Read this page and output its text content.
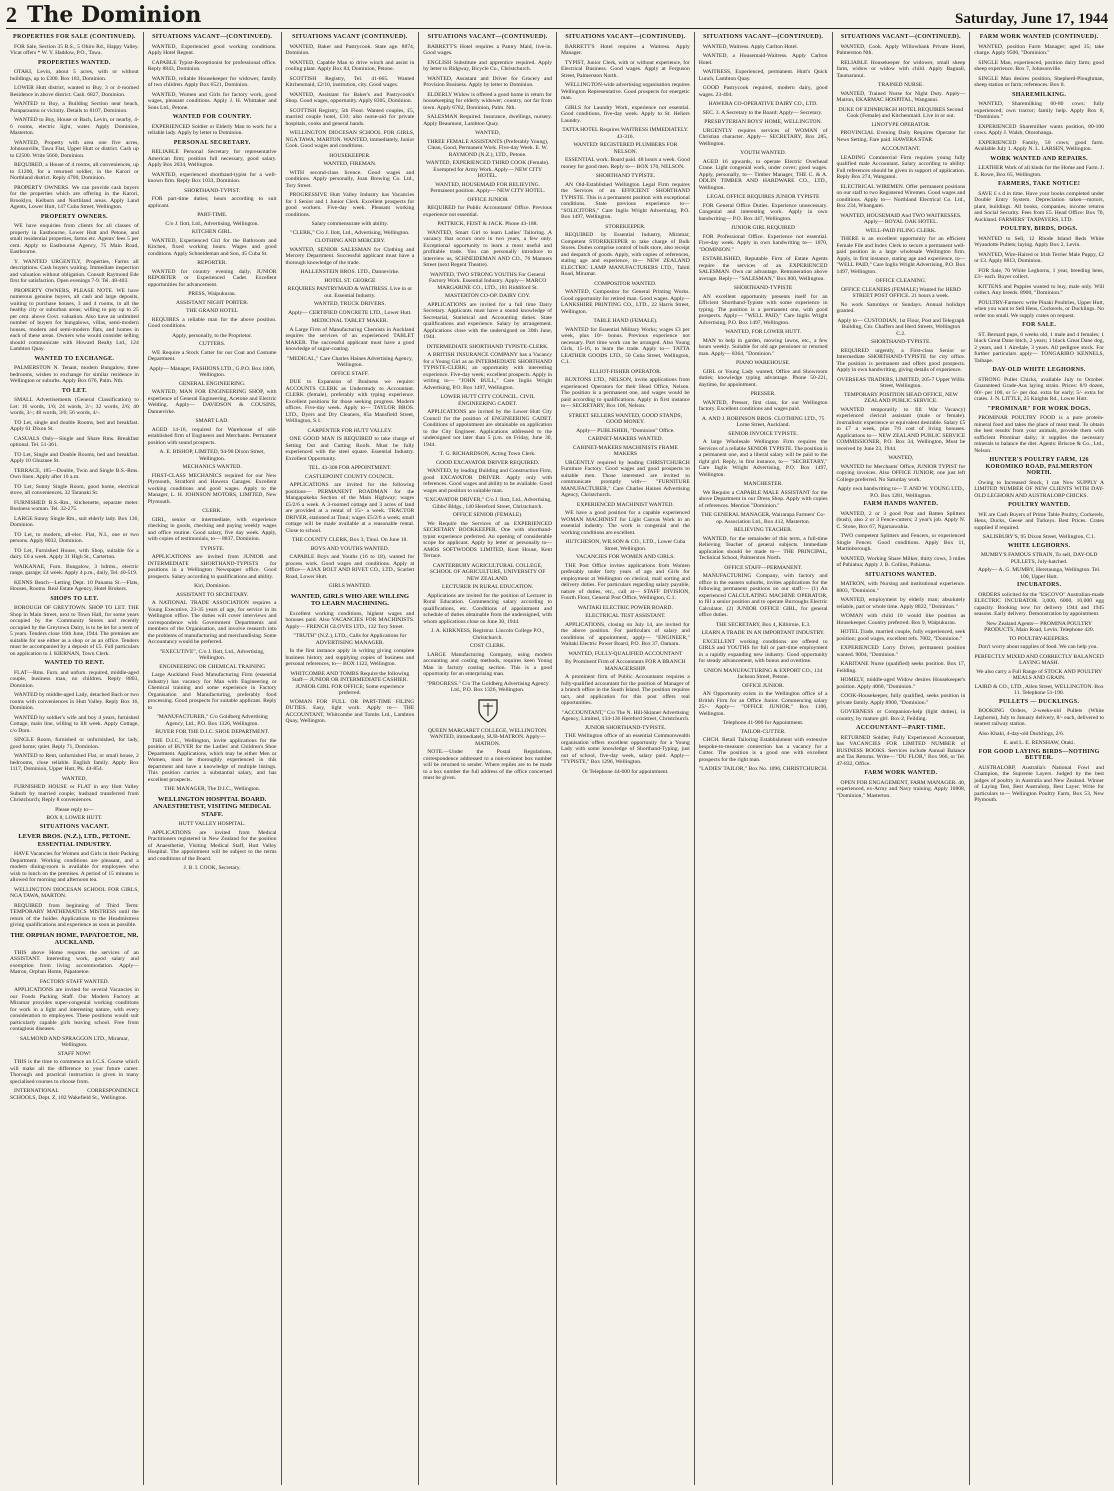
2 The Dominion	Saturday, June 17, 1944
PROPERTIES FOR SALE (CONTINUED).
FOR Sale, Section 35 B.S., 5 Ohiro Rd., Happy Valley. Vicat offers * W. Y. Haddow, P.O., Tawa.
PROPERTIES WANTED.
OTAKI, Levin, about 5 acres, with or without buildings, up to £300. Box 183, Dominion.
LOWER Hutt district, wanted to Buy, 3 or 4-roomed Residence in above district. Cash. 6827, Dominion.
WANTED to Buy, a Building Section near beach, Paraparaumu or vicinity. Details to 8107, Dominion.
WANTED to Buy, House or Bach, Levin, or nearby, 4-6 rooms, electric light, water. Apply Dominion, Masterton.
WANTED, Property with area one five acres, Johnsonville, Tawa Flat, Upper Hutt or district. Cash up to £2500. Write 5660, Dominion.
REQUIRED, a House of 4 rooms, all conveniences, up to £1200, for a returned soldier, in the Karori or Northland district. Reply 4700, Dominion.
PROPERTY OWNERS. We can provide cash buyers for the properties which are offering in the Karori, Brooklyn, Kelburn and Northland areas. Apply Land Agents, Lower Hutt, 147 Cuba Street, Wellington.
PROPERTY OWNERS.
WE have enquiries from clients for all classes of property in Eastbourne, Lower Hutt and Petone, and small residential properties, farms etc. Agents' fees 5 per cent. Apply to Eastbourne Agency, 75 Main Road, Eastbourne.
Y. WANTED URGENTLY, Properties, Farms all descriptions. Cash buyers waiting. Immediate inspection and valuation without obligation. Consult Raymond Ede first for satisfaction. Open evenings 7-9. Tel. 48-403.
PROPERTY OWNERS, PLEASE NOTE. WE have numerous genuine buyers, all cash and large deposits, waiting to purchase houses, 3 and 4 rooms, in all the healthy city or suburban areas; willing to pay up to 25 per cent. above Govt. valuation. Also have an unlimited number of buyers for bungalows, villas, semi-modern houses, modern and semi-modern flats, and homes in each of these areas. Owners who would consider selling should communicate with Howard Realty Ltd., 124 Lambton Quay.
WANTED TO EXCHANGE.
PALMERSTON N. Tenant, modern Bungalow, three bedrooms, wishes to exchange for similar residence in Wellington or suburbs. Apply Box 676, Palm. Nth.
TO LET.
SMALL Advertisements (General Classification) to Let: 16 words, 1/6; 24 words, 2/-; 32 words, 2/6; 40 words, 3/-; 48 words, 3/6; 56 words, 4/-.
TO Let, single and double Rooms, bed and breakfast. Apply 61 Dixon St.
CASUALS Only—Single and Share Rms. Breakfast optional. Tel. 51-361.
TO Let, Single and Double Rooms, bed and breakfast. Apply 10 Ghuznee St.
TERRACE, 185—Double, Twin and Single B.S.-Rms. Own linen. Apply after 10 a.m.
TO Let, Sunny Single Room, good home, electrical stove, all conveniences. 32 Taranaki St.
FURNISHED B.S.-Rm., kitchenette, separate meter. Business woman. Tel. 32-275.
LARGE Sunny Single Rm., suit elderly lady. Box 136, Dominion.
TO Let, to modern, all-elec. Flat, N.I., one or two persons. Apply 8032, Dominion.
TO Let, Furnished House, with Shop, suitable for a dairy. £6 a week. Apply 31 High St., Carterton.
WAIKANAE, Furn. Bungalow, 3 bdrms., electric range, garage; £4 week. Apply 4 p.m., daily, Tel. 40-519.
KENNS Beach—Letting Dept. 10 Panama St.—Flats, Houses, Rooms. Real Estate Agency, Hotel Brokers.
SHOPS TO LET.
BOROUGH OF GREYTOWN. SHOP TO LET. THE Shop in Main Street, next to Town Hall, for some years occupied by the Community Stores and recently occupied by the Greytown Dairy, is to be let for a term of 5 years. Tenders close 16th June, 1944. The premises are suitable for use either as a shop or as an office. Tenders must be accompanied by a deposit of £5. Full particulars on application to J. KIERNAN, Town Clerk.
WANTED TO RENT.
FLAT—Rms. Furn. and unfurn. required, middle-aged couple, business man, no children. Reply 8803, Dominion.
WANTED by middle-aged Lady, detached Bach or two rooms with conveniences in Hutt Valley. Reply Box 16, Dominion.
WANTED by soldier's wife and boy 4 years, furnished Cottage, main line, willing to lift week. Apply Cottage, c/o Dom.
SINGLE Room, furnished or unfurnished, for lady, good home; quiet. Reply 71, Dominion.
WANTED to Rent, unfurnished Flat, or small house, 2 bedrooms, close reliable. English family. Apply Box 1117, Dominion, Upper Hutt, Pk. 44-854.
WANTED,
FURNISHED HOUSE or FLAT in any Hutt Valley Suburb by married couple; husband transferred from Christchurch; Reply 8 conveniences.
Please reply to—
BOX 8, LOWER HUTT.
SITUATIONS VACANT.
LEVER BROS. (N.Z.), LTD., PETONE. ESSENTIAL INDUSTRY.
HAVE Vacancies for Women and Girls in their Packing Department. Working conditions are pleasant, and a modern dining-room is available for employees who wish to lunch on the premises. A period of 15 minutes is allowed for morning and afternoon tea.
WELLINGTON DIOCESAN SCHOOL FOR GIRLS, NGA TAWA, MARTON.
REQUIRED from beginning of Third Term: TEMPORARY MATHEMATICS MISTRESS until the return of the holder. Applications to the Headmistress giving qualifications and experience as soon as possible.
THE ORPHAN HOME, PAPATOETOE, NR. AUCKLAND.
THIS above Home requires the services of an ASSISTANT. Interesting work, good salary and exemption from living accommodation. Apply— Matron, Orphan Home, Papatoetoe.
FACTORY STAFF WANTED.
APPLICATIONS are invited for several Vacancies in our Foods Packing Staff. Our Modern Factory at Miramar provides super-congenial working conditions for work in a light and interesting nature, with every consideration to employees. These positions would suit particularly capable girls leaving school. Free from contagious diseases.
SALMOND AND SPRAGGON LTD., Miramar, Wellington.
STAFF NOW!
THIS is the time to commence an I.C.S. Course which will make all the difference to your future career. Thorough and practical instruction is given in many specialised courses to choose from.
INTERNATIONAL CORRESPONDENCE SCHOOLS, Dept. Z, 182 Wakefield St., Wellington.
SITUATIONS VACANT—(CONTINUED).
WANTED, Experienced good working conditions. Apply Hotel Regent.
CAPABLE Typist-Receptionist for professional office. Reply 8843, Dominion.
WANTED, reliable Housekeeper for widower, family of two children. Apply Box 6521, Dominion.
WANTED, Women and Girls for factory work, good wages, pleasant conditions. Apply J. H. Whittaker and Sons Ltd., Petone.
WANTED FOR COUNTRY.
EXPERIENCED Soldier or Elderly Man to work for a reliable lady. Apply by letter to Dominion.
PERSONAL SECRETARY.
RELIABLE Personal Secretary for representative American firm; position full necessary, good salary. Apply Box 2034, Wellington.
WANTED, experienced shorthand-typist for a well-known firm. Reply Box 1033, Dominion.
SHORTHAND-TYPIST.
FOR part-time duties; hours according to suit applicant.
PART-TIME.
C/o J. Ilott, Ltd., Advertising, Wellington.
KITCHEN GIRL.
WANTED, Experienced Girl for the Bathroom and Kitchen, fixed working hours. Wages and good conditions. Apply Schneideman and Son, 45 Cuba St.
REPORTER.
WANTED for country evening daily, JUNIOR REPORTER or Experienced Cadet. Excellent opportunities for advancement.
PRESS, Waipukurau.
ASSISTANT NIGHT PORTER.
THE GRAND HOTEL
REQUIRES a reliable man for the above position. Good conditions.
Apply, personally, to the Proprietor.
CUTTERS.
WE Require a Stock Cutter for our Coat and Costume Department.
Apply— Manager, FASHIONS LTD., G.P.O. Box 1806, Wellington.
GENERAL ENGINEERING.
WANTED, MAN FOR ENGINEERING SHOP, with experience of General Engineering, Acetone and Electric Welding. Apply— DAVIDSON & COUSINS, Dannevirke.
SMART LAD.
AGED 14-16, required for Warehouse of old-established firm of Engineers and Merchants. Permanent position with sound prospects.
A. E. BISHOP, LIMITED, 94-98 Dixon Street, Wellington.
MECHANICS WANTED.
FIRST-CLASS MECHANICS required for our New Plymouth, Stratford and Hawera Garages. Excellent working conditions and good wages. Apply to the Manager, L. H. JOHNSON MOTORS, LIMITED, New Plymouth.
CLERK.
GIRL, senior or intermediate, with experience checking in goods, checking and paying weekly wages and office routine. Good salary, five day week. Apply, with copies of testimonials, to— 8837, Dominion.
TYPISTE.
APPLICATIONS are invited from JUNIOR and INTERMEDIATE SHORTHAND-TYPISTS for positions in a Wellington Newspaper office. Good prospects. Salary according to qualifications and ability.
Kiri, Dominion.
ASSISTANT TO SECRETARY.
A NATIONAL TRADE ASSOCIATION requires a Young Executive, 23-35 years of age, for service in its Wellington office. The duties will cover interviews and correspondence with Government Departments and members of the Organisation, and involve research into the problems of manufacturing and merchandising. Some Accountancy would be preferred.
"EXECUTIVE", C/o J. Ilott, Ltd., Advertising, Wellington.
ENGINEERING OR CHEMICAL TRAINING
Large Auckland Food Manufacturing Firm (essential industry) has vacancy for Man with Engineering or Chemical training and some experience in Factory Organisation and Manufacturing, preferably food processing. Good prospects for suitable applicant. Reply to
"MANUFACTURER," C/o Goldberg Advertising Agency, Ltd., P.O. Box 1326, Wellington.
BUYER FOR THE D.I.C. SHOE DEPARTMENT.
THE D.I.C., Wellington, invite applications for the position of BUYER for the Ladies' and Children's Shoe Department. Applications, which may be either Men or Women, must be thoroughly experienced in this department and have a knowledge of multiple listings. This position carries a substantial salary, and has excellent prospects.
THE MANAGER, The D.I.C., Wellington.
WELLINGTON HOSPITAL BOARD. ANAESTHETIST, VISITING MEDICAL STAFF.
HUTT VALLEY HOSPITAL.
APPLICATIONS are invited from Medical Practitioners registered in New Zealand for the position of Anaesthetist, Visiting Medical Staff, Hutt Valley Hospital. The appointment will be subject to the terms and conditions of the Board.
J. B. I. COOK, Secretary.
SITUATIONS VACANT (CONTINUED).
WANTED, Baker and Pastrycook. State age. 8874, Dominion.
WANTED, Capable Man to drive winch and assist in cooling plant. Apply Box 84, Dominion, Petone.
SCOTTISH Registry, Tel. 41-665. Wanted Kitchenmaid, £2/10, institution, city. Good wages.
WANTED, Assistant for Baker's and Pastrycook's Shop. Good wages, opportunity. Apply 8305, Dominion.
SCOTTISH Registry, 5th Floor. Wanted couples, £5, married couple hotel, £10; also nurse-aid for private hospitals, cooks and general hands.
WELLINGTON DIOCESAN SCHOOL FOR GIRLS, NGA TAWA, MARTON. WANTED, immediately, Junior Cook. Good wages and conditions.
HOUSEKEEPER.
WANTED, FIREMAN.
WITH second-class licence. Good wages and conditions. Apply personally, Joan Brewing Co. Ltd., Tory Street.
PROGRESSIVE Hutt Valley Industry has Vacancies for 1 Senior and 1 Junior Clerk. Excellent prospects for good workers. Five-day week. Pleasant working conditions.
Salary commensurate with ability.
"CLERK," C/o J. Ilott, Ltd., Advertising, Wellington.
CLOTHING AND MERCERY.
WANTED, SENIOR SALESMAN for Clothing and Mercery Department. Successful applicant must have a thorough knowledge of the trade.
HALLENSTEIN BROS. LTD., Dannevirke.
HOTEL ST. GEORGE
REQUIRES PANTRYMAID & WAITRESS. Live in or out. Essential Industry.
WANTED, TRUCK DRIVERS.
Apply— CERTIFIED CONCRETE LTD., Lower Hutt.
MEDICINAL TABLET MAKER.
A Large Firm of Manufacturing Chemists in Auckland requires the services of an experienced TABLET MAKER. The successful applicant must have a good knowledge of sugar-coating.
"MEDICAL," Care Charles Haines Advertising Agency, Wellington.
OFFICE STAFF.
DUE to Expansion of Business we require: ACCOUNTS CLERK as Understudy to Accountant. CLERK (female), preferably with typing experience. Excellent positions for those seeking progress. Modern offices. Five-day week. Apply to— TAYLOR BROS. LTD., Dyers and Dry Cleaners, 85a Mansfield Street, Wellington, S.1.
CARPENTER FOR HUTT VALLEY.
ONE GOOD MAN IS REQUIRED to take charge of Setting Out and Cutting Roofs. Must be fully experienced with the steel square. Essential Industry. Excellent Opportunity.
TEL. 43-308 FOR APPOINTMENT.
CASTLEPOINT COUNTY COUNCIL.
APPLICATIONS are invited for the following positions— PERMANENT ROADMAN for the Mangapakeha Section of the Main Highway; wages £5/2/6 a week. A 3-roomed cottage and 3 acres of land are provided at a rental of 15/- a week. TRACTOR DRIVER, stationed at Tinui; wages £5/2/6 a week; small cottage will be made available at a reasonable rental. Close to school.
THE COUNTY CLERK, Box 3, Tinui. On June 18.
BOYS AND YOUTHS WANTED.
CAPABLE Boys and Youths (16 to 18), wanted for process work. Good wages and conditions. Apply at Office— AJAX BOLT AND RIVET CO., LTD., Scarlett Road, Lower Hutt.
GIRLS WANTED.
WANTED, GIRLS WHO ARE WILLING TO LEARN MACHINING.
Excellent working conditions, highest wages and bonuses paid. Also VACANCIES FOR MACHINISTS. Apply— FRENCH GLOVES LTD., 132 Tory Street.
"TRUTH" (N.Z.), LTD., Calls for Applications for ADVERTISING MANAGER.
In the first instance apply in writing giving complete business history and supplying copies of business and personal references, to— BOX 1122, Wellington.
WHITCOMBE AND TOMBS Require the following Staff— JUNIOR OR INTERMEDIATE CASHIER. JUNIOR GIRL FOR OFFICE; Some experience preferred.
WOMAN FOR FULL OR PART-TIME FILING DUTIES. Easy, light work. Apply to— THE ACCOUNTANT, Whitcombe and Tombs Ltd., Lambton Quay, Wellington.
SITUATIONS VACANT—(CONTINUED).
BARRETT'S Hotel requires a Pantry Maid, live-in. Good wages.
ENGLISH Substitute and apprentice required. Apply by letter to Ridgway, Bicycle Co., Christchurch.
WANTED, Assistant and Driver for Grocery and Provision Business. Apply by letter to Dominion.
ELDERLY Widow is offered a good home in return for housekeeping for elderly widower; country, not far from town. Apply 6782, Dominion, Palm. Nth.
SALESMAN Required. Insurance, dwellings, nursery. Apply Beaumont, Lambton Quay.
WANTED,
THREE FEMALE ASSISTANTS (Preferably Young), Clean, Good, Permanent Work. Five-day Week. E. W. RAYMOND (N.Z.), LTD., Petone.
WANTED, EXPERIENCED THIRD COOK (Female). Exempted for Army Work. Apply— NEW CITY HOTEL.
WANTED, HOUSEMAID FOR RELIEVING. Permanent position. Apply— NEW CITY HOTEL.
OFFICE JUNIOR
REQUIRED for Public Accountants' Office. Previous experience not essential.
PATTRICK, FEIST & JACK. Phone 43-188.
WANTED, Smart Girl to learn Ladies' Tailoring. A vacancy that occurs once in two years, a few only. Exceptional opportunity to learn a most useful and profitable trade. You can personally introduce to interview us, SCHNEIDEMAN AND CO., 76 Manners Street (next Regent Theatre).
WANTED, TWO STRONG YOUTHS For General Factory Work. Essential Industry. Apply— MARCO MARGARINE CO., LTD., 181 Riddiford St.
MASTERTON CO-OP. DAIRY COY.
APPLICATIONS are invited for a full time Dairy Secretary. Applicants must have a sound knowledge of Secretarial, Statistical and Accounting duties. State qualifications and experience. Salary by arrangement. Applications close with the undersigned on 30th June, 1944.
INTERMEDIATE SHORTHAND TYPISTE-CLERK.
A BRITISH INSURANCE COMPANY has a Vacancy for a Young Girl as an INTERMEDIATE SHORTHAND TYPISTE-CLERK; an opportunity with interesting experience. Five-day week; excellent prospects. Apply in writing to— "JOHN BULL," Care Inglis Wright Advertising, P.O. Box 1497, Wellington.
LOWER HUTT CITY COUNCIL. CIVIL ENGINEERING CADET.
APPLICATIONS are invited by the Lower Hutt City Council for the position of ENGINEERING CADET. Conditions of appointment are obtainable on application to the City Engineer. Applications addressed to the undersigned not later than 5 p.m. on Friday, June 30, 1944.
T. G. RICHARDSON, Acting Town Clerk.
GOOD EXCAVATOR DRIVER REQUIRED.
WANTED, by leading Building and Construction Firm, good EXCAVATOR DRIVER. Apply only with references. Good wages and ability to be available. Good wages and position to suitable man.
"EXCAVATOR DRIVER," C/o J. Ilott, Ltd., Advertising, Gibbs' Bldgs., 140 Hereford Street, Christchurch.
OFFICE SENIOR (FEMALE).
We Require the Services of an EXPERIENCED SECRETARY BOOKKEEPER. One with shorthand-typist experience preferred. An opening of considerable scope for applicant. Apply by letter or personally to— AMOS SOFTWOODS LIMITED, Kent House, Kent Terrace.
CANTERBURY AGRICULTURAL COLLEGE, SCHOOL OF AGRICULTURE, UNIVERSITY OF NEW ZEALAND.
LECTURER IN RURAL EDUCATION.
Applications are invited for the position of Lecturer in Rural Education. Commencing salary according to qualifications, etc. Conditions of appointment and schedule of duties obtainable from the undersigned, with whom applications close on June 30, 1944.
J. A. KIRKNESS, Registrar. Lincoln College P.O., Christchurch.
COST CLERK.
LARGE Manufacturing Company, using modern accounting and costing methods, requires keen Young Man in factory costing section. This is a good opportunity for an enterprising man.
"PROGRESS." C/o The Goldberg Advertising Agency Ltd., P.O. Box 1326, Wellington.
QUEEN MARGARET COLLEGE, WELLINGTON. WANTED, immediately, SUB-MATRON. Apply— MATRON.
NOTE.—Under the Postal Regulations, correspondence addressed to a non-existent box number will be returned to sender. Where replies are to be made to a box number the full address of the office concerned must be given.
SITUATIONS VACANT—(CONTINUED).
BARRETT'S Hotel requires a Waitress. Apply Manager.
TYPIST, Junior Clerk, with or without experience, for Electrical Business. Good wages. Apply at Ferguson Street, Palmerston North.
WELLINGTON-wide advertising organisation requires Wellington Representative. Good prospects for energetic man.
GIRLS for Laundry Work, experience not essential. Good conditions, five-day week. Apply to St. Heliers Laundry.
TATTA HOTEL Requires WAITRESS IMMEDIATELY. 43-316.
WANTED: REGISTERED PLUMBERS FOR NELSON.
ESSENTIAL work. Board paid. 48 hours a week. Good money for good men. Reply to— BOX 170, NELSON.
SHORTHAND TYPISTE.
AN Old-Established Wellington Legal Firm requires the Services of an EFFICIENT SHORTHAND TYPISTE. This is a permanent position with exceptional conditions. State previous experience to— "SOLICITORS," Care Inglis Wright Advertising, P.O. Box 1497, Wellington.
STOREKEEPER.
REQUIRED by Essential Industry, Miramar, Competent STOREKEEPER to take charge of Bulk Stores. Duties comprise control of bulk store, also receipt and despatch of goods. Apply, with copies of references, stating age and experience, to— NEW ZEALAND ELECTRIC LAMP MANUFACTURERS LTD., Tahiti Road, Miramar.
COMPOSITOR WANTED.
WANTED, Compositor for General Printing Works. Good opportunity for retired man. Good wages. Apply— LANKSHIRE PRINTING CO., LTD., 22 Harris Street, Wellington.
TABLE HAND (FEMALE).
WANTED for Essential Military Works; wages £3 per week, plus 10/- bonus. Previous experience not necessary. Part time work can be arranged. Also Young Girls, 15-16, to learn the trade. Apply to— TATTA LEATHER GOODS LTD., 50 Cuba Street, Wellington, C.1.
ELLIOT-FISHER OPERATOR.
BUXTONS LTD., NELSON, invite applications from experienced Operators for their Head Office, Nelson. The position is a permanent one, and wages would be paid according to qualifications. Apply in first instance to— SECRETARY, Box 106, Nelson.
STREET SELLERS WANTED, GOOD STANDS, GOOD MONEY.
Apply— PUBLISHER, "Dominion" Office.
CABINET-MAKERS WANTED.
CABINET-MAKERS MACHINISTS FRAME MAKERS
URGENTLY required by leading CHRISTCHURCH Furniture Factory. Good wages and good prospects to suitable men. Those interested are invited to communicate promptly with— "FURNITURE MANUFACTURER," Care Charles Haines Advertising Agency, Christchurch.
EXPERIENCED MACHINIST WANTED.
WE have a good position for a capable experienced WOMAN MACHINIST for Light Canvas Work in an essential industry. The work is congenial and the working conditions are excellent.
HUTCHESON, WILSON & CO., LTD., Lower Cuba Street, Wellington.
VACANCIES FOR WOMEN AND GIRLS.
THE Post Office invites applications from Women preferably under forty years of age and Girls for employment at Wellington on clerical, mail sorting and delivery duties. For particulars regarding salary payable, nature of duties, etc., call at— STAFF DIVISION, Fourth Floor, General Post Office, Wellington, C.1.
WAITAKI ELECTRIC POWER BOARD.
ELECTRICAL TEST ASSISTANT.
APPLICATIONS, closing on July 14, are invited for the above position. For particulars of salary and conditions of appointment, apply— "ENGINEER," Waitaki Electric Power Board, P.O. Box 37, Oamaru.
WANTED, FULLY-QUALIFIED ACCOUNTANT
By Prominent Firm of Accountants FOR A BRANCH MANAGERSHIP.
A prominent firm of Public Accountants requires a fully-qualified accountant for the position of Manager of a branch office in the South Island. The position requires tact, and application for this post offers real opportunities.
"ACCOUNTANT," C/o The N. Hill-Skinner Advertising Agency, Limited, 134-136 Hereford Street, Christchurch.
JUNIOR SHORTHAND-TYPISTE.
THE Wellington office of an essential Commonwealth organisation offers excellent opportunity for a Young Lady with some knowledge of Shorthand-Typing, just out of school, five-day week, salary paid. Apply— "TYPISTE," Box 1296, Wellington.
Or Telephone 44-600 for appointment.
SITUATIONS VACANT—(CONTINUED).
WANTED, Waitress. Apply Carlton Hotel.
WANTED, a Housemaid-Waitress. Apply Carlton Hotel.
WAITRESS, Experienced, permanent. Hutt's Quick Lunch, Lambton Quay.
GOOD Pastrycook required, modern dairy, good wages. 23-404.
HAWERA CO-OPERATIVE DAIRY CO., LTD.
SEC. 3. A Secretary to the Board: Apply— Secretary.
PRESBYTERIAN BOYS' HOME, WELLINGTON.
URGENTLY requires services of WOMAN of Christian character. Apply— SECRETARY, Box 285, Wellington.
YOUTH WANTED.
AGED 16 upwards, to operate Electric Overhead Crane. Light congenial work, under cover; good wages. Apply, personally, to— Timber Manager, THE C. & A. ODLIN TIMBER AND HARDWARE CO., LTD., Wellington.
LEGAL OFFICE REQUIRES JUNIOR TYPISTE
FOR General Office Duties. Experience unnecessary. Congenial and interesting work. Apply in own handwriting— P.O. Box 447, Wellington.
JUNIOR GIRL REQUIRED
FOR Professional Office. Experience not essential. Five-day week. Apply in own handwriting to— 1870, "DOMINION."
ESTABLISHED, Reputable Firm of Estate Agents require the services of an EXPERIENCED SALESMAN. Own car advantage. Remuneration above average. Reply— "SALESMAN," Box 800, Wellington.
SHORTHAND-TYPISTE
AN excellent opportunity presents itself for an Efficient Shorthand-Typiste with some experience in typing. The position is a permanent one, with good prospects. Apply— "WELL PAID," Care Inglis Wright Advertising, P.O. Box 1497, Wellington.
WANTED, FOR LOWER HUTT.
MAN to help in garden, mowing lawns, etc., a few hours weekly. Suitable for old age pensioner or returned man. Apply— 8364, "Dominion."
PIANO WAREHOUSE.
GIRL or Young Lady wanted, Office and Showroom duties; knowledge typing advantage. Phone 50-221, daytime, for appointment.
PRESSER.
WANTED, Presser, first class, for our Wellington factory. Excellent conditions and wages paid.
A. AND J. ROBINSON BROS. CLOTHING LTD., 75 Lorne Street, Auckland.
SENIOR INVOICE TYPISTE.
A large Wholesale Wellington Firm requires the Services of a reliable SENIOR TYPISTE. The position is a permanent one, and a liberal salary will be paid to the right girl. Reply, in first instance, to— "SECRETARY," Care Inglis Wright Advertising, P.O. Box 1497, Wellington.
MANCHESTER.
We Require a CAPABLE MALE ASSISTANT for the above Department in our Dress Shop. Apply with copies of references. Mention "Dominion."
THE GENERAL MANAGER, Wairarapa Farmers' Co-op. Association Ltd., Box 412, Masterton.
RELIEVING TEACHER.
WANTED, for the remainder of this term, a full-time Relieving Teacher of general subjects. Immediate application should be made to— THE PRINCIPAL, Technical School, Palmerston North.
OFFICE STAFF—PERMANENT.
MANUFACTURING Company, with factory and office in the eastern suburbs, invites applications for the following permanent positions on our staff:— (1) An experienced CALCULATING MACHINE OPERATOR, to fill a senior position and to operate Burroughs Electric Calculator. (2) JUNIOR OFFICE GIRL, for general office duties.
THE SECRETARY, Box 4, Kilbirnie, E.3.
LEARN A TRADE IN AN IMPORTANT INDUSTRY.
EXCELLENT working conditions are offered to GIRLS and YOUTHS for full or part-time employment in a rapidly expanding new industry. Good opportunity for steady advancement, with bonus and overtime.
UNION MANUFACTURING & EXPORT CO., 134 Jackson Street, Petone.
OFFICE JUNIOR.
AN Opportunity exists in the Wellington office of a British Firm for an Office Junior. Commencing salary 25/-. Apply— "OFFICE JUNIOR," Box 1106, Wellington.
Telephone 41-900 for Appointment.
TAILOR-CUTTER.
CHCH. Retail Tailoring Establishment with extensive bespoke-to-measure connection has a vacancy for a Cutter. The position is a good one with excellent prospects for the right man.
"LADIES' TAILOR," Box No. 1096, CHRISTCHURCH.
SITUATIONS VACANT—(CONTINUED).
WANTED, Cook. Apply Willowbank Private Hotel, Palmerston Nth.
RELIABLE Housekeeper for widower, small sheep farm, widow or widow with child. Apply Bagnall, Taumarunui.
TRAINED NURSE.
WANTED, Trained Nurse for Night Duty. Apply— Matron, EKARMAC HOSPITAL, Wanganui.
DUKE OF EDINBURGH HOTEL REQUIRES Second Cook (Female) and Kitchenmaid. Live in or out.
LINOTYPE OPERATOR.
PROVINCIAL Evening Daily Requires Operator for News Setting. Fare paid. HAWERA STAR.
ACCOUNTANT.
LEADING Commercial Firm requires young fully qualified male Accountant. Salary according to ability. Full references should be given in support of application. Reply Box 274, Wanganui.
ELECTRICAL WIREMEN. Offer permanent positions on our staff to two Registered Wiremen. Good wages and conditions. Apply to— Northland Electrical Co. Ltd., Box 234, Whangarei.
WANTED, HOUSEMAID And TWO WAITRESSES. Apply— ROYAL OAK HOTEL.
WELL-PAID FILING CLERK.
THERE is an excellent opportunity for an efficient Female File and Index Clerk to secure a permanent well-paid position in a large wholesale Wellington firm. Apply, in first instance, stating age and experience, to— "WELL PAID," Care Inglis Wright Advertising, P.O. Box 1497, Wellington.
OFFICE CLEANING.
OFFICE CLEANERS (FEMALE) Wanted for HERD STREET POST OFFICE. 21 hours a week.
No work Saturdays or Sundays. Annual holidays granted.
Apply to— CUSTODIAN, 1st Floor, Post and Telegraph Building, Cnr. Chaffers and Herd Streets, Wellington C.2.
SHORTHAND-TYPISTE.
REQUIRED urgently, a First-class Senior or Intermediate SHORTHAND-TYPISTE for city office. The position is permanent and offers good prospects. Apply in own handwriting, giving details of experience.
OVERSEAS TRADERS, LIMITED, 205-7 Upper Willis Street, Wellington.
TEMPORARY POSITION HEAD OFFICE, NEW ZEALAND PUBLIC SERVICE.
WANTED temporarily to fill War Vacancy) experienced clerical assistant (male or female). Journalistic experience or equivalent desirable. Salary £5 to £7 a week, plus 7/6 cost of living bonuses. Applications to— NEW ZEALAND PUBLIC SERVICE COMMISSIONER, P.O. Box 34, Wellington, Must be received by June 23, 1944.
WANTED,
WANTED for Merchants' Office, JUNIOR TYPIST for copying invoices. Also OFFICE JUNIOR; one just left College preferred. No Saturday work.
Apply own handwriting to— T. AND W. YOUNG LTD., P.O. Box 1281, Wellington.
FARM HANDS WANTED.
WANTED, 2 or 3 good Post and Batten Splitters (bush), also 2 or 3 Fence-cutters; 2 year's job. Apply N. C. Stone, Box 67, Ngaruawahia.
TWO competent Splitters and Fencers, or experienced Single Fencer. Good conditions. Apply Box 11, Martinborough.
WANTED, Working Share Milker, thirty cows, 3 miles of Pahiatua; Apply J. B. Collins, Pahiatua.
SITUATIONS WANTED.
MATRON, with Nursing and institutional experience. 8803, "Dominion."
WANTED, employment by elderly man; absolutely reliable, part or whole time. Apply 8822, "Dominion."
WOMAN with child 10 would like position as Housekeeper. Country preferred. Box 9, Waipukurau.
HOTEL Trade, married couple, fully experienced, seek position; good wages, excellent refs. 7002, "Dominion."
EXPERIENCED Lorry Driver, permanent position wanted. 9004, "Dominion."
KARITANE Nurse (qualified) seeks position. Box 17, Feilding.
HOMELY, middle-aged Widow desires Housekeeper's position. Apply 4060, "Dominion."
COOK-Housekeeper, fully qualified, seeks position in private family. Apply 8900, "Dominion."
GOVERNESS or Companion-help (light duties), in country, by mature girl. Box 2, Feilding.
ACCOUNTANT—PART-TIME.
RETURNED Soldier, Fully Experienced Accountant, has VACANCIES FOR LIMITED NUMBER of BUSINESS BOOKS. Services include Annual Balance and Tax Returns. Write— "DU FLOR," Box 966, or Tel. 47-832, Office.
FARM WORK WANTED.
OPEN FOR ENGAGEMENT, FARM MANAGER. 40, experienced, ex-Army and Navy training. Apply 10808, "Dominion," Masterton.
FARM WORK WANTED (CONTINUED).
WANTED, position Farm Manager; aged 35; take charge. Apply 9500, "Dominion."
SINGLE Man, experienced, position dairy farm; good sheep experience. Box 7, Johnsonville.
SINGLE Man desires position, Shepherd-Ploughman, sheep station or farm; references. Box 8.
SHAREMILKING.
WANTED, Sharemilking 60-80 cows; fully experienced; own tractor; family help. Apply Box 8, "Dominion."
EXPERIENCED Sharemilker wants position, 80-100 cows. Apply J. Walsh, Otorohanga.
EXPERIENCED Family, 50 cows; good farm. Available July 1. Apply N. L. LARSEN, Wellington.
WORK WANTED AND REPAIRS.
LEATHER Work of all kinds for the Home and Farm. J. E. Rowe, Box 65, Wellington.
FARMERS, TAKE NOTICE!
SAVE £ s d in time. Have your books completed under Double Entry System. Depreciation taken—motors, plant, buildings. All books, companies, income returns and Social Security. Fees from £5. Head Office: Box 70, Auckland. FARMERS' TAXPAYERS, LTD.
POULTRY, BIRDS, DOGS.
WANTED to Sell, 12 Rhode Island Reds White Wyandotte Pullets; laying. Apply Box 2, Levin.
WANTED, Wire-Haired or Irish Terrier Male Puppy, £2 or £3. Apply 8813, Dominion.
FOR Sale, 70 White Leghorns, 1 year, breeding hens, £3/- each. Buyer collect.
KITTENS and Puppies wanted to buy, male only. Will collect. Any breeds. 8900, "Dominion."
POULTRY-Farmers: write Pinaki Poultries, Upper Hutt, when you want to Sell Hens, Cockerels, or Ducklings. No order too small. We supply crates on request.
FOR SALE.
ST. Bernard pups, 6 weeks old, 1 male and 4 females; 1 black Great Dane bitch, 2 years; 1 black Great Dane dog, 2 years, and 1 Airedale, 3 years. All pedigree stock. For further particulars apply— TONGARIRO KENNELS, Taihape.
DAY-OLD WHITE LEGHORNS.
STRONG Pullet Chicks, available July to October. Guaranteed Grade-Aus laying strain. Prices: 8/9 dozen, 60/- per 100, or 5/- per doz. extra for early; 5/- extra for crates. J. N. LITTLE, 25 Knights Rd., Lower Hutt.
"PROMINAR" FOR WORK DOGS.
PROMINAR POULTRY FOOD is a pure protein-mineral food and takes the place of meat meal. To obtain the best results from your animals, provide them with sufficient Prominar daily; it supplies the necessary minerals to balance the diet. Agents: Briscoe & Co., Ltd., Nelson.
HUNTER'S POULTRY FARM, 126 KOROMIKO ROAD, PALMERSTON NORTH.
Owing to Increased Stock, I can Now SUPPLY A LIMITED NUMBER OF NEW CLIENTS WITH DAY-OLD LEGHORN AND AUSTRALORP CHICKS.
POULTRY WANTED.
WE are Cash Buyers of Prime Table Poultry, Cockerels, Hens, Ducks, Geese and Turkeys. Best Prices. Crates supplied if required.
SALISBURY'S, 95 Dixon Street, Wellington, C.1.
WHITE LEGHORNS.
MUMBY'S FAMOUS STRAIN, To sell, DAY-OLD PULLETS, July-hatched.
Apply— A. G. MUMBY, Heretaunga, Wellington. Tel. 100, Upper Hutt.
INCUBATORS.
ORDERS solicited for the "ESCOVO" Australian-made ELECTRIC INCUBATOR. 3,000, 6000, 10,000 egg capacity. Booking now for delivery 1944 and 1945 seasons. Early delivery. Demonstration by appointment.
New Zealand Agents— PROMINA POULTRY PRODUCTS, Main Road, Levin. Telephone 420.
TO POULTRY-KEEPERS.
Don't worry about supplies of food. We can help you.
PERFECTLY MIXED AND CORRECTLY BALANCED LAYING MASH.
We also carry a Full Range of STOCK AND POULTRY MEALS AND GRAIN.
LAIRD & CO., LTD., Allen Street, WELLINGTON. Box 11. Telephone 51-190.
PULLETS — DUCKLINGS.
BOOKING Orders, 2-weeks-old Pullets (White Leghorns), July to January delivery, 8/- each, delivered to nearest railway station.
Also Khaki, 4-day-old Ducklings, 2/6.
E. and L. E. RENSHAW, Otaki.
FOR GOOD LAYING BIRDS—NOTHING BETTER.
AUSTRALORP, Australia's National Fowl and Champion, the Supreme Layers. Judged by the best judges of poultry in Australia and New Zealand. Winner of Laying Test, Best Australorp, Best Layer. Write for particulars to— Wellington Poultry Farm, Box 53, New Plymouth.
